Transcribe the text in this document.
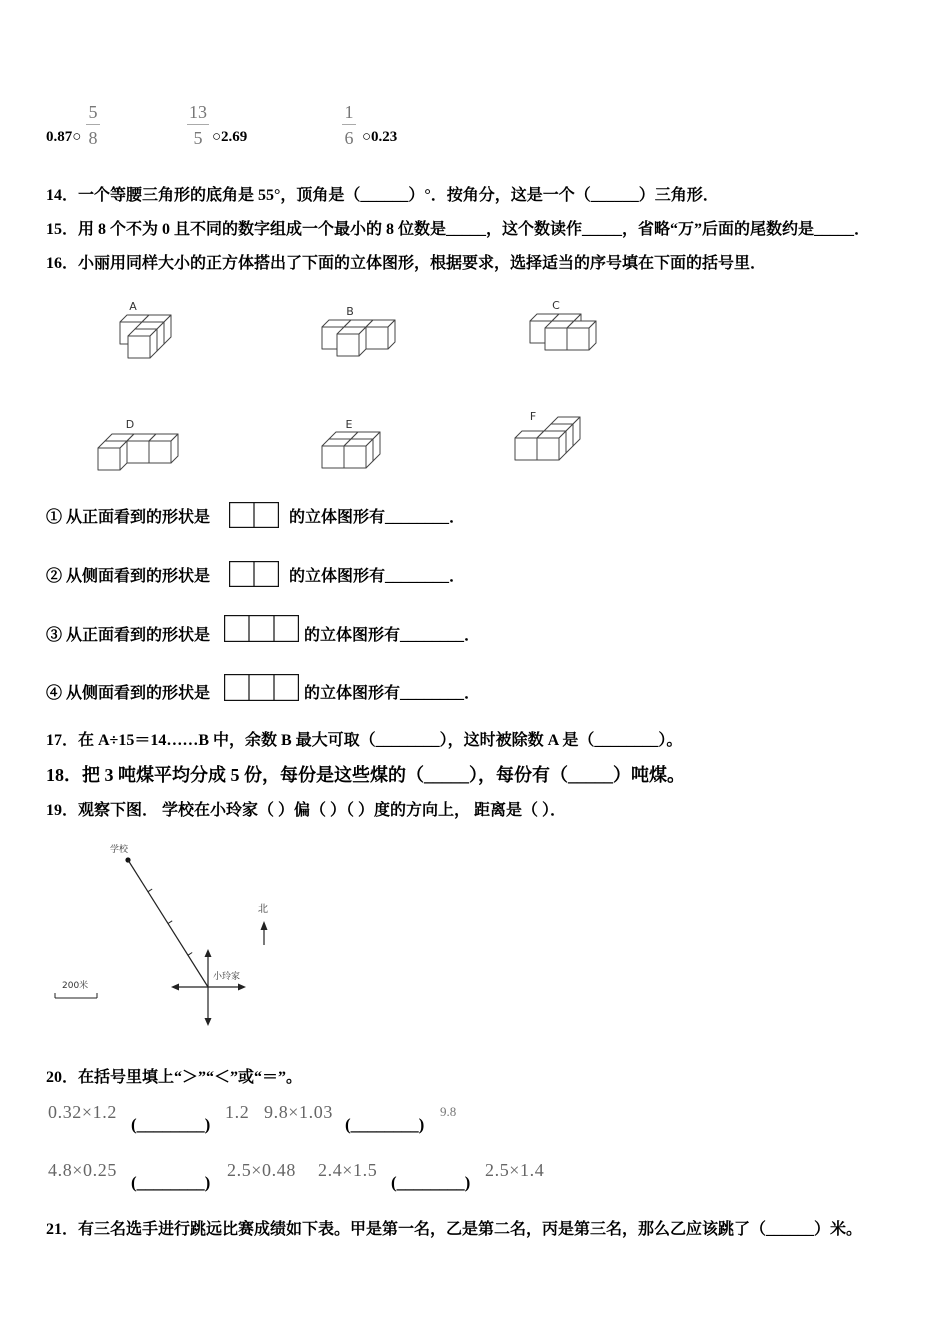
0.87○
5
8
13
5 ○2.69
1
6 ○0.23
14．一个等腰三角形的底角是 55°，顶角是（______）°．按角分，这是一个（______）三角形．
15．用 8 个不为 0 且不同的数字组成一个最小的 8 位数是_____，这个数读作_____，省略“万”后面的尾数约是_____．
16．小丽用同样大小的正方体搭出了下面的立体图形，根据要求，选择适当的序号填在下面的括号里．
A	B	C
D	E
F
① 从正面看到的形状是	的立体图形有________．
② 从侧面看到的形状是	的立体图形有________．
③ 从正面看到的形状是	的立体图形有________．
④ 从侧面看到的形状是	的立体图形有________．
17．在 A÷15＝14……B 中，余数 B 最大可取（________），这时被除数 A 是（________）。
18．把 3 吨煤平均分成 5 份，每份是这些煤的（_____），每份有（_____）吨煤。
19．观察下图． 学校在小玲家（ ）偏（ ）（ ）度的方向上， 距离是（ ）．
学校
小玲家
北
200米
20．在括号里填上“＞”“＜”或“＝”。
0.32×1.2
(________)
1.2 9.8×1.03
(________)
9.8
4.8×0.25
(________)
2.5×0.48 2.4×1.5
(________)
2.5×1.4
21．有三名选手进行跳远比赛成绩如下表。甲是第一名，乙是第二名，丙是第三名，那么乙应该跳了（______）米。
